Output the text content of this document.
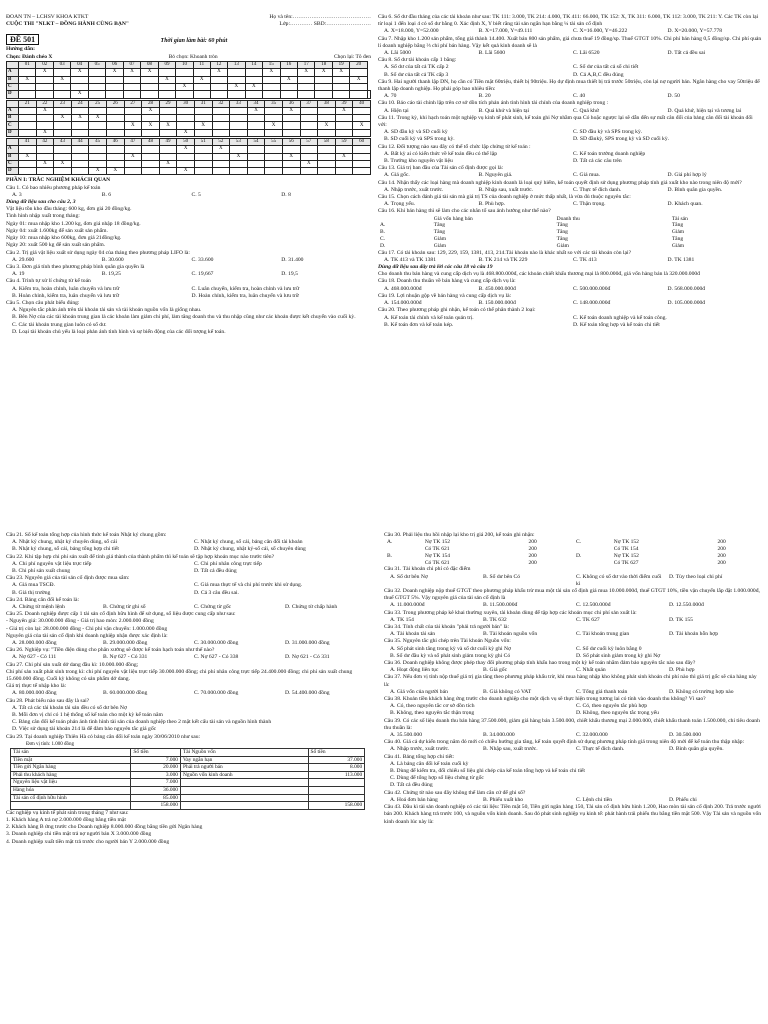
ĐOÀN TN – LCHSV KHOA KTKT	Họ và tên:……………………………………
CUỘC THI "NLKT – ĐỒNG HÀNH CÙNG BẠN"	Lớp:………… SBD:……………………
ĐỀ 501	Thời gian làm bài: 60 phút
Hướng dẫn:
Chọn: Đánh chéo X	Bỏ chọn: Khoanh tròn	Chọn lại: Tô đen
	01	02	03	04	05	06	07	08	09	10	11	12	13	14	15	16	17	18	19	20	
A		X		X		X	X	X				X			X		X	X	X		
B	X		X						X		X					X				X	
C										X			X	X							
D				X																	
	21	22	23	24	25	26	27	28	29	30	31	32	33	34	35	36	37	38	39	40
A		X						X						X		X			X	
B			X	X	X															
C							X	X	X		X				X			X		X
D		X								X										
	41	42	43	44	45	46	47	48	49	50	51	52	53	54	55	56	57	58	59	60
A										X		X								
B	X						X						X			X			X	
C		X	X						X								X			
D					X	X				X										
PHẦN I: TRẮC NGHIỆM KHÁCH QUAN
Câu 1. Có bao nhiêu phương pháp kế toán
A. 3	B. 6	C. 5	D. 8
Dùng dữ liệu sau cho câu 2, 3
Vật liệu tồn kho đầu tháng: 600 kg, đơn giá 20 đồng/kg.
Tình hình nhập xuất trong tháng:
Ngày 01: mua nhập kho 1.200 kg, đơn giá nhập 18 đồng/kg.
Ngày 04: xuất 1.600kg để sản xuất sản phẩm.
Ngày 10: mua nhập kho 600kg, đơn giá 21đồng/kg.
Ngày 20: xuất 500 kg để sản xuất sản phẩm.
Câu 2. Trị giá vật liệu xuất sử dụng ngày 04 của tháng theo phương pháp LIFO là:
A. 29.600	B. 30.600	C. 33.600	D. 31.400
Câu 3. Đơn giá tính theo phương pháp bình quân gia quyền là
A. 19	B. 19,25	C. 19,667	D. 19,5
Câu 4. Trình tự xử lí chứng từ kế toán
A. Kiểm tra, hoàn chỉnh, luân chuyển và lưu trữ	C. Luân chuyển, kiểm tra, hoàn chỉnh và lưu trữ
B. Hoàn chỉnh, kiểm tra, luân chuyển và lưu trữ	D. Hoàn chỉnh, kiểm tra, luân chuyển và lưu trữ
Câu 5. Chọn câu phát biểu đúng:
A. Nguyên tắc phản ánh trên tài khoản tài sản và tài khoản nguồn vốn là giống nhau.
B. Bên Nợ của các tài khoản trung gian là các khoản làm giảm chi phí, làm tăng doanh thu và thu nhập cũng như các khoản được kết chuyển vào cuối kỳ.
C. Các tài khoản trung gian luôn có số dư.
D. Loại tài khoản chủ yếu là loại phản ánh tình hình và sự biến động của các đối tượng kế toán.
Câu 6. Số dư đầu tháng của các tài khoản như sau: TK 111: 3.000, TK 214: 4.000, TK 411: 66.000, TK 152: X, TK 311: 6.000, TK 112: 3.000, TK 211: Y. Các TK còn lại từ loại 1 đến loại 4 có số dư bằng 0. Xác định X, Y biết rằng tài sản ngắn hạn bằng ¼ tài sản cố định
A. X=18.000, Y=52.000	B. X=17.000, Y=49.111	C. X=16.000, Y=46.222	D. X=20.000, Y=57.778
Câu 7. Nhập kho 1.200 sản phẩm, tổng giá thành 14.400. Xuất bán 800 sản phẩm, giá chưa thuế 19 đồng/sp. Thuế GTGT 10%. Chi phí bán hàng 0,5 đồng/sp. Chi phí quản lí doanh nghiệp bằng ⅔ chi phí bán hàng. Vậy kết quả kinh doanh sẽ là
A. Lãi 5000	B. Lãi 5600	C. Lãi 6520	D. Tất cả đều sai
Câu 8. Số dư tài khoản cấp 1 bằng:
A. Số dư của tất cả TK cấp 2	C. Số dư của tất cả sổ chi tiết
B. Số dư của tất cả TK cấp 3	D. Cả A,B,C đều đúng
Câu 9. Hai người thanh lập DN, họ cần có Tiền mặt 60triệu, thiết bị 90triệu. Họ dự định mua thiết bị trả trước 50triệu, còn lại nợ người bán. Ngân hàng cho vay 50triệu để thanh lập doanh nghiệp. Họ phải góp bao nhiêu tiền:
A. 70	B. 20	C. 40	D. 50
Câu 10. Báo cáo tài chính lập trên cơ sở dồn tích phản ánh tình hình tài chính của doanh nghiệp trong :
A. Hiện tại	B. Quá khứ và hiện tại	C. Quá khứ	D. Quá khứ, hiện tại và tương lai
Câu 11. Trong kỳ, khi hạch toán một nghiệp vụ kinh tế phát sinh, kế toán ghi Nợ nhầm qua Có hoặc ngược lại sẽ dẫn đến sự mất cân đối của bảng cân đối tài khoản đối với:
A. SD đầu kỳ và SD cuối kỳ	C. SD đầu kỳ và SPS trong kỳ.
B. SD cuối kỳ và SPS trong kỳ.	D. SD đầukỳ, SPS trong kỳ và SD cuối kỳ.
Câu 12. Đối tượng nào sau đây có thể tổ chức lập chứng từ kế toán :
A. Bất kỳ ai có kiến thức về kế toán đều có thể lập	C. Kế toán trưởng doanh nghiệp
B. Trưởng kho nguyên vật liệu	D. Tất cả các câu trên
Câu 13. Giá trị ban đầu của Tài sản cố định được gọi là:
A. Giá gốc.	B. Nguyên giá.	C. Giá mua.	D. Giá phí hợp lý
Câu 14. Nhận thấy các loại hàng mà doanh nghiệp kinh doanh là loại quý hiếm, kế toán quyết định sử dụng phương pháp tính giá xuất kho nào trong niên độ mới?
A. Nhập trước, xuất trước.	B. Nhập sau, xuất trước.	C. Thực tế đích danh.	D. Bình quân gia quyền.
Câu 15. Chọn cách đánh giá tài sản mà giá trị TS của doanh nghiệp ở mức thấp nhất, là vừa đủ thuộc nguyên tắc:
A. Trọng yếu.	B. Phù hợp.	C. Thận trọng.	D. Khách quan.
Câu 16. Khi bán hàng thì sẽ làm cho các nhân tố sau ảnh hưởng như thế nào?
	Giá vốn hàng bán	Doanh thu	Tài sản
A.	Tăng	Tăng	Tăng
B.	Tăng	Tăng	Giảm
C.	Giảm	Tăng	Tăng
D.	Giảm	Giảm	Giảm
Câu 17. Có tài khoản sau: 129, 229, 159, 1381, 413, 214.Tài khoản nào là khác nhất so với các tài khoản còn lại?
A. TK 413 và TK 1381	B. TK 214 và TK 229	C. TK 413	D. TK 1381
Dùng dữ liệu sau đây trả lời các câu 18 và câu 19
Cho doanh thu bán hàng và cung cấp dịch vụ là 468.800.000đ, các khoản chiết khấu thương mại là 800.000đ, giá vốn hàng bán là 320.000.000đ
Câu 18. Doanh thu thuần về bán hàng và cung cấp dịch vụ là:
A. 468.000.000đ	B. 450.000.000đ	C. 500.000.000đ	D. 568.000.000đ
Câu 19. Lợi nhuận gộp về bán hàng và cung cấp dịch vụ là:
A. 154.000.000đ	B. 150.000.000đ	C. 148.000.000đ	D. 105.000.000đ
Câu 20. Theo phương pháp ghi nhận, kế toán có thể phân thành 2 loại:
A. Kế toán tài chính và kế toán quản trị.	C. Kế toán doanh nghiệp và kế toán công.
B. Kế toán đơn và kế toán kép.	D. Kế toán tổng hợp và kế toán chi tiết
Câu 21. Sổ kế toán tổng hợp của hình thức kế toán Nhật ký chung gồm:
A. Nhật ký chung, nhật ký chuyên dùng, sổ cái	C. Nhật ký chung, sổ cái, bảng cân đối tài khoản
B. Nhật ký chung, sổ cái, bảng tổng hợp chi tiết	D. Nhật ký chung, nhật ký-sổ cái, sổ chuyên dùng
Câu 22. Khi tập hợp chi phí sản xuất để tính giá thành của thành phẩm thì kế toán sẽ tập hợp khoản mục nào trước tiên?
A. Chi phí nguyên vật liệu trực tiếp	C. Chi phí nhân công trực tiếp
B. Chi phí sản xuất chung	D. Tất cả đều đúng
Câu 23. Nguyên giá của tài sản cố định được mua sắm:
A. Giá mua TSCĐ.	C. Giá mua thực tế và chi phí trước khi sử dụng.
B. Giá thị trường	D. Cả 3 câu đều sai.
Câu 24. Bảng cân đối kế toán là:
A. Chứng từ mệnh lệnh	B. Chứng từ ghi sổ	C. Chứng từ gốc	D. Chứng từ chấp hành
Câu 25. Doanh nghiệp được cấp 1 tài sản cố định hữu hình để sử dụng, số liệu được cung cấp như sau:
- Nguyên giá: 30.000.000 đồng - Giá trị hao mòn: 2.000.000 đồng
- Giá trị còn lại: 28.000.000 đồng - Chi phí vận chuyển: 1.000.000 đồng
Nguyên giá của tài sản cố định khi doanh nghiệp nhận được xác định là:
A. 28.000.000 đồng	B. 29.000.000 đồng	C. 30.000.000 đồng	D. 31.000.000 đồng
Câu 26. Nghiệp vụ: "Tiền điện dùng cho phân xưởng sẽ được kế toán hạch toán như thế nào?
A. Nợ 627 - Có 111	B. Nợ 627 - Có 331	C. Nợ 627 - Có 338	D. Nợ 621 - Có 331
Câu 27. Chi phí sản xuất dở dang đầu kì: 10.000.000 đồng;
Chi phí sản xuất phát sinh trong kì: chi phí nguyên vật liệu trực tiếp 30.000.000 đồng; chi phí nhân công trực tiếp 24.400.000 đồng; chi phí sản xuất chung 15.600.000 đồng. Cuối kỳ không có sản phẩm dở dang.
Giá trị thực tế nhập kho là:
A. 80.000.000 đồng	B. 60.000.000 đồng	C. 70.000.000 đồng	D. 54.400.000 đồng
Câu 28. Phát biểu nào sau đây là sai?
A. Tất cả các tài khoản tài sản đều có số dư bên Nợ
B. Mỗi đơn vị chỉ có 1 hệ thống sổ kế toán cho một kỳ kế toán năm
C. Bảng cân đối kế toán phản ánh tình hình tài sản của doanh nghiệp theo 2 mặt kết cấu tài sản và nguồn hình thành
D. Việc sử dụng tài khoản 214 là để đảm bảo nguyên tắc giá gốc
Câu 29. Tại doanh nghiệp Thiên Hà có bảng cân đối kế toán ngày 30/06/2010 như sau:
Đơn vị tính: 1.000 đồng
Tài sản	Số tiền	Tài Nguồn vốn	Số tiền
Tiền mặt	7.000	Vay ngắn hạn	37.000
Tiền gửi Ngân hàng	20.000	Phải trả người bán	8.000
Phải thu khách hàng	3.000	Nguồn vốn kinh doanh	113.000
Nguyên liệu vật liệu	7.000		
Hàng hóa	36.000		
Tài sản cố định hữu hình	85.000		
	158.000		158.000
Các nghiệp vụ kinh tế phát sinh trong tháng 7 như sau:
1. Khách hàng A trả nợ 2.000.000 đồng bằng tiền mặt
2. Khách hàng B ứng trước cho Doanh nghiệp 8.000.000 đồng bằng tiền gửi Ngân hàng
3. Doanh nghiệp chi tiền mặt trả nợ người bán X 3.000.000 đồng
4. Doanh nghiệp xuất tiền mặt trả trước cho người bán Y 2.000.000 đồng
Câu 30. Phải liệu thu hồi nhập lại kho trị giá 200, kế toán ghi nhận:
A.	Nợ TK 152	200	C.	Nợ TK 152	200
	Có TK 621	200		Có TK 154	200
B.	Nợ TK 154	200	D.	Nợ TK 152	200
	Có TK 621	200		Có TK 627	200
Câu 31. Tài khoản chi phí có đặc điểm
A. Số dư bên Nợ	B. Số dư bên Có	C. Không có số dư vào thời điểm cuối kì
D. Tùy theo loại chi phí
Câu 32. Doanh nghiệp nộp thuế GTGT theo phương pháp khấu trừ mua một tài sản cố định giá mua 10.000.000đ, thuế GTGT 10%, tiền vận chuyển lắp đặt 1.000.000đ, thuế GTGT 5%. Vậy nguyên giá của tài sản cố định là
A. 11.000.000đ	B. 11.500.000đ	C. 12.500.000đ	D. 12.550.000đ
Câu 33. Trong phương pháp kê khai thường xuyên, tài khoản dùng để tập hợp các khoản mục chi phí sản xuất là:
A. TK 154	B. TK 632	C. TK 627	D. TK 155
Câu 34. Tính chất của tài khoản "phải trả người bán" là:
A. Tài khoản tài sản	B. Tài khoản nguồn vốn	C. Tài khoản trung gian	D. Tài khoản hỗn hợp
Câu 35. Nguyên tắc ghi chép trên Tài khoản Nguồn vốn:
A. Số phát sinh tăng trong kỳ và số dư cuối kỳ ghi Nợ	C. Số dư cuối kỳ luôn bằng 0
B. Số dư đầu kỳ và số phát sinh giảm trong kỳ ghi Có	D. Số phát sinh giảm trong kỳ ghi Nợ
Câu 36. Doanh nghiệp không được phép thay đổi phương pháp tính khấu hao trong một kỳ kế toán nhằm đảm bảo nguyên tắc nào sau đây?
A. Hoạt động liên tục	B. Giá gốc	C. Nhất quán	D. Phù hợp
Câu 37. Nếu đơn vị tính nộp thuế giá trị gia tăng theo phương pháp khấu trừ, khi mua hàng nhập kho không phát sinh khoản chi phí nào thì giá trị gốc sẽ của hàng này là:
A. Giá vốn của người bán	B. Giá không có VAT	C. Tổng giá thanh toán	D. Không có trường hợp nào
Câu 38. Khoản tiền khách hàng ứng trước cho doanh nghiệp cho một dịch vụ sẽ thực hiện trong tương lai có tính vào doanh thu không? Vì sao?
A. Có, theo nguyên tắc cơ sở dồn tích	C. Có, theo nguyên tắc phù hợp
B. Không, theo nguyên tắc thận trọng	D. Không, theo nguyên tắc trọng yếu
Câu 39. Có các số liệu doanh thu bán hàng 37.500.000, giảm giá hàng bán 3.500.000, chiết khấu thương mại 2.000.000, chiết khấu thanh toán 1.500.000, chi tiêu doanh thu thuần là:
A. 35.500.000	B. 34.000.000	C. 32.000.000	D. 30.500.000
Câu 40. Giá cả dự kiến trong năm đó mới có chiều hướng gia tăng, kế toán quyết định sử dụng phương pháp tính giá trong niên độ mới để kế toán thu thập nhập:
A. Nhập trước, xuất trước.	B. Nhập sau, xuất trước.	C. Thực tế đích danh.	D. Bình quân gia quyền.
Câu 41. Bảng tổng hợp chi tiết:
A. Là bảng cân đối kế toán cuối kỳ
B. Dùng để kiểm tra, đối chiếu số liệu ghi chép của kế toán tổng hợp và kế toán chi tiết
C. Dùng để tổng hợp số liệu chứng từ gốc
D. Tất cả đều đúng
Câu 42. Chứng từ nào sau đây không thể làm căn cứ để ghi sổ?
A. Hoá đơn bán hàng	B. Phiếu xuất kho	C. Lệnh chi tiền	D. Phiếu chi
Câu 43. Đầu kì tài sản doanh nghiệp có các tài liệu: Tiền mặt 50, Tiền gửi ngân hàng 150, Tài sản cố định hữu hình 1.200, Hao mòn tài sản cố định 200. Trả trước người bán 200. Khách hàng trả trước 100, và nguồn vốn kinh doanh. Sau đó phát sinh nghiệp vụ kinh tế: phát hành trái phiếu thu bằng tiền mặt 500. Vậy Tài sản và nguồn vốn kinh doanh lúc này là:
